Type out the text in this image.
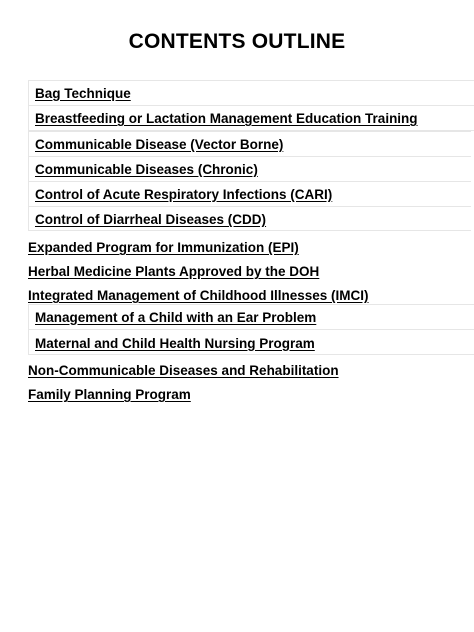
CONTENTS OUTLINE
Bag Technique
Breastfeeding or Lactation Management Education Training
Communicable Disease (Vector Borne)
Communicable Diseases (Chronic)
Control of Acute Respiratory Infections (CARI)
Control of Diarrheal Diseases (CDD)
Expanded Program for Immunization (EPI)
Herbal Medicine Plants Approved by the DOH
Integrated Management of Childhood Illnesses (IMCI)
Management of a Child with an Ear Problem
Maternal and Child Health Nursing Program
Non-Communicable Diseases and Rehabilitation
Family Planning Program
